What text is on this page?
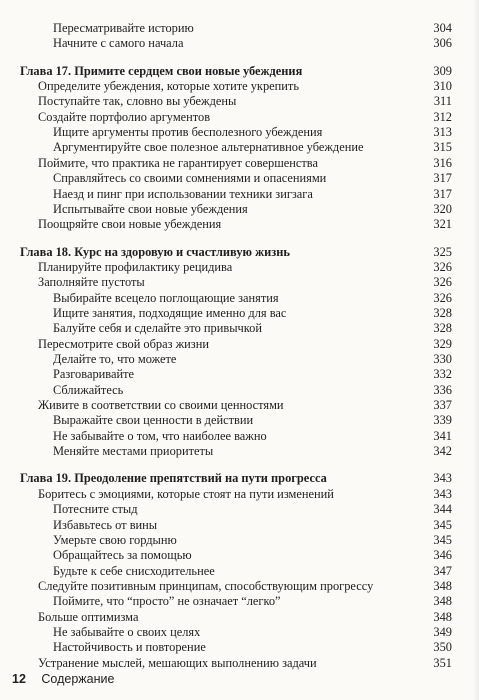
Пересматривайте историю	304
Начните с самого начала	306
Глава 17. Примите сердцем свои новые убеждения	309
Определите убеждения, которые хотите укрепить	310
Поступайте так, словно вы убеждены	311
Создайте портфолио аргументов	312
Ищите аргументы против бесполезного убеждения	313
Аргументируйте свое полезное альтернативное убеждение	315
Поймите, что практика не гарантирует совершенства	316
Справляйтесь со своими сомнениями и опасениями	317
Наезд и пинг при использовании техники зигзага	317
Испытывайте свои новые убеждения	320
Поощряйте свои новые убеждения	321
Глава 18. Курс на здоровую и счастливую жизнь	325
Планируйте профилактику рецидива	326
Заполняйте пустоты	326
Выбирайте всецело поглощающие занятия	326
Ищите занятия, подходящие именно для вас	328
Балуйте себя и сделайте это привычкой	328
Пересмотрите свой образ жизни	329
Делайте то, что можете	330
Разговаривайте	332
Сближайтесь	336
Живите в соответствии со своими ценностями	337
Выражайте свои ценности в действии	339
Не забывайте о том, что наиболее важно	341
Меняйте местами приоритеты	342
Глава 19. Преодоление препятствий на пути прогресса	343
Боритесь с эмоциями, которые стоят на пути изменений	343
Потесните стыд	344
Избавьтесь от вины	345
Умерьте свою гордыню	345
Обращайтесь за помощью	346
Будьте к себе снисходительнее	347
Следуйте позитивным принципам, способствующим прогрессу	348
Поймите, что “просто” не означает “легко”	348
Больше оптимизма	348
Не забывайте о своих целях	349
Настойчивость и повторение	350
Устранение мыслей, мешающих выполнению задачи	351
12 Содержание
